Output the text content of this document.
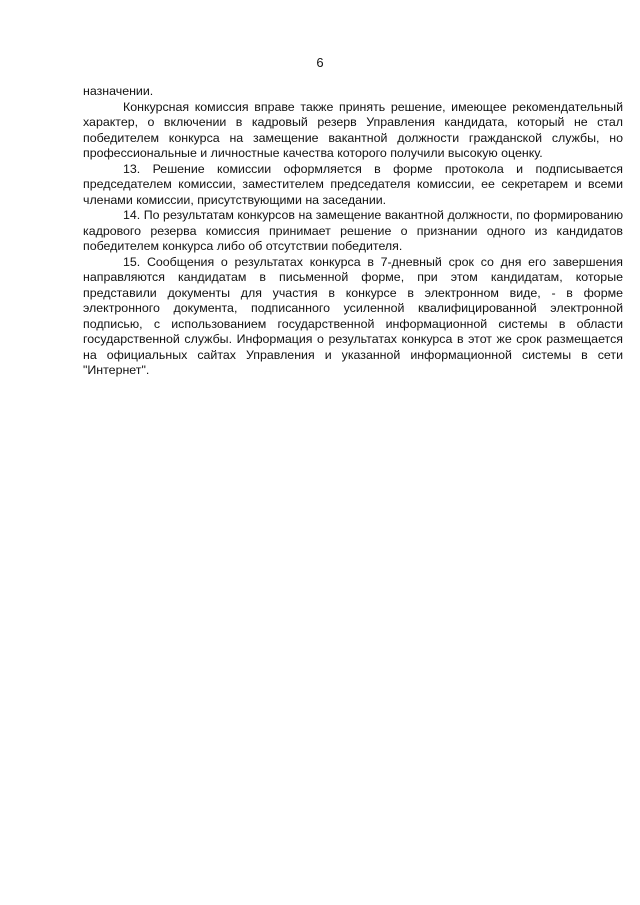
6

назначении.

Конкурсная комиссия вправе также принять решение, имеющее рекомендательный характер, о включении в кадровый резерв Управления кандидата, который не стал победителем конкурса на замещение вакантной должности гражданской службы, но профессиональные и личностные качества которого получили высокую оценку.

13. Решение комиссии оформляется в форме протокола и подписывается председателем комиссии, заместителем председателя комиссии, ее секретарем и всеми членами комиссии, присутствующими на заседании.

14. По результатам конкурсов на замещение вакантной должности, по формированию кадрового резерва комиссия принимает решение о признании одного из кандидатов победителем конкурса либо об отсутствии победителя.

15. Сообщения о результатах конкурса в 7-дневный срок со дня его завершения направляются кандидатам в письменной форме, при этом кандидатам, которые представили документы для участия в конкурсе в электронном виде, - в форме электронного документа, подписанного усиленной квалифицированной электронной подписью, с использованием государственной информационной системы в области государственной службы. Информация о результатах конкурса в этот же срок размещается на официальных сайтах Управления и указанной информационной системы в сети "Интернет".
